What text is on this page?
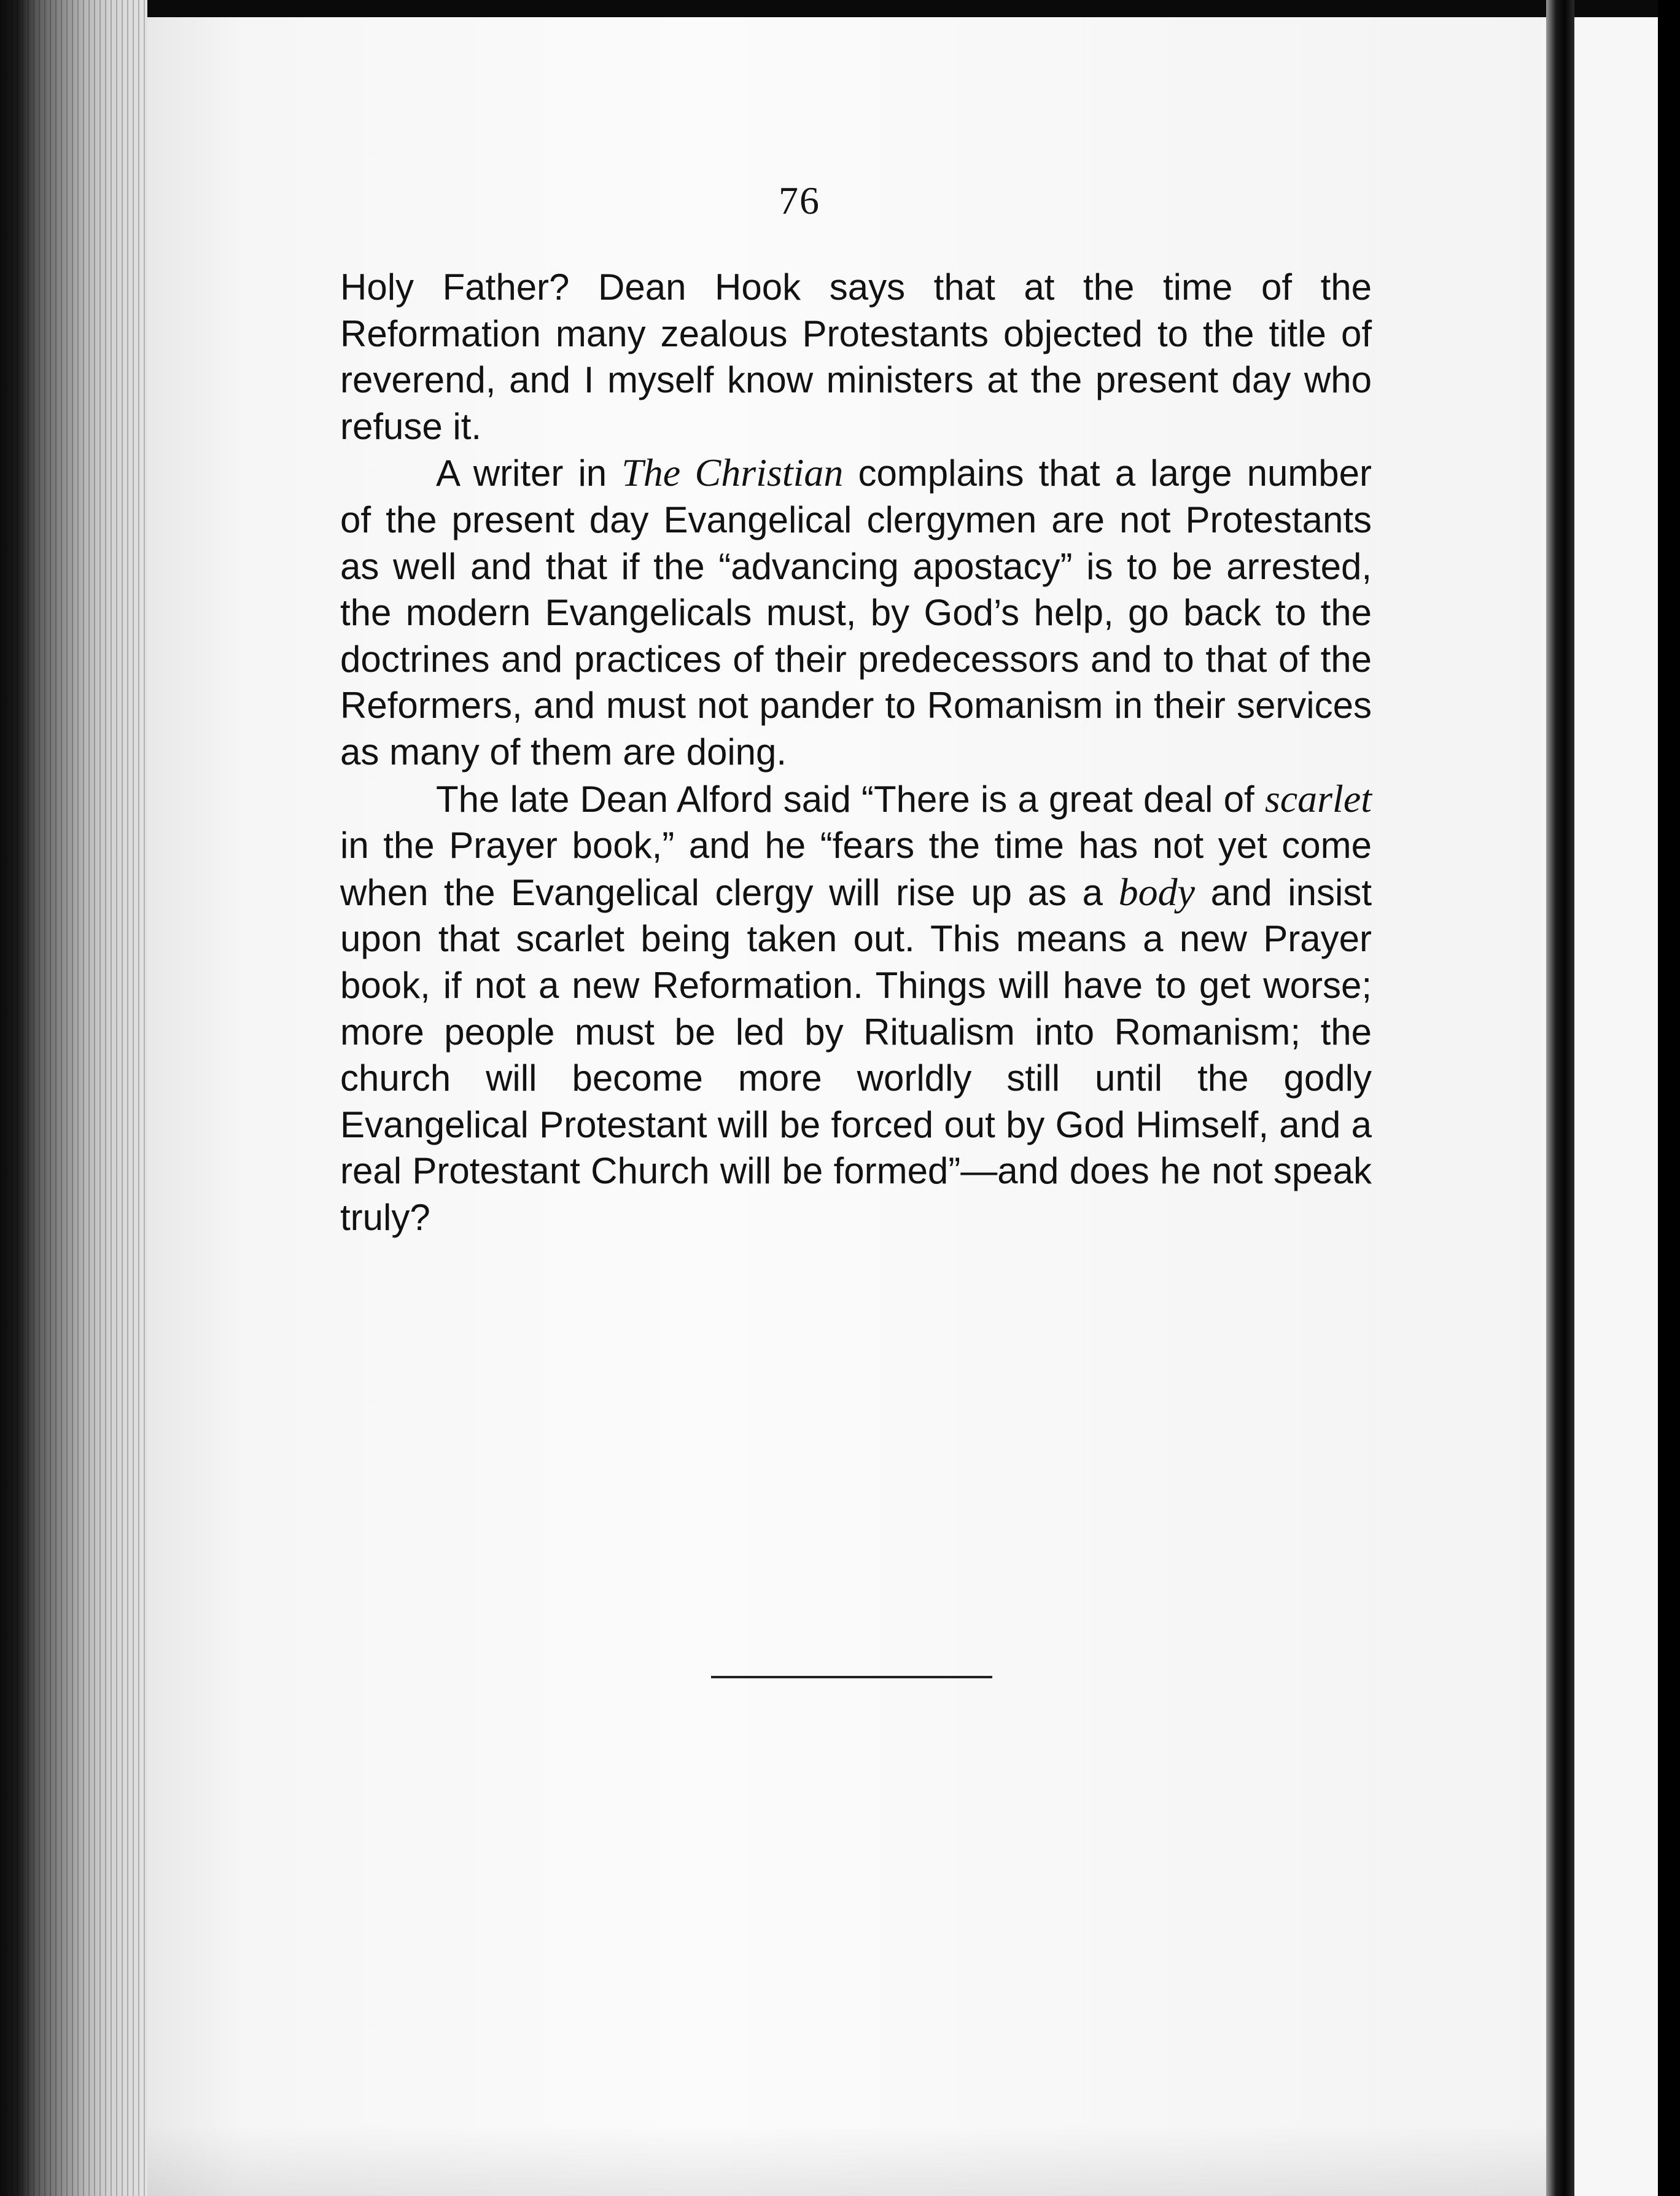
76

Holy Father? Dean Hook says that at the time of the Reformation many zealous Protestants objected to the title of reverend, and I myself know ministers at the present day who refuse it.

A writer in The Christian complains that a large number of the present day Evangelical clergymen are not Protestants as well and that if the “advancing apostacy” is to be arrested, the modern Evangelicals must, by God’s help, go back to the doctrines and practices of their predecessors and to that of the Reformers, and must not pander to Romanism in their services as many of them are doing.

The late Dean Alford said “There is a great deal of scarlet in the Prayer book,” and he “fears the time has not yet come when the Evangelical clergy will rise up as a body and insist upon that scarlet being taken out. This means a new Prayer book, if not a new Reformation. Things will have to get worse; more people must be led by Ritualism into Romanism; the church will become more worldly still until the godly Evangelical Protestant will be forced out by God Himself, and a real Protestant Church will be formed”—and does he not speak truly?
